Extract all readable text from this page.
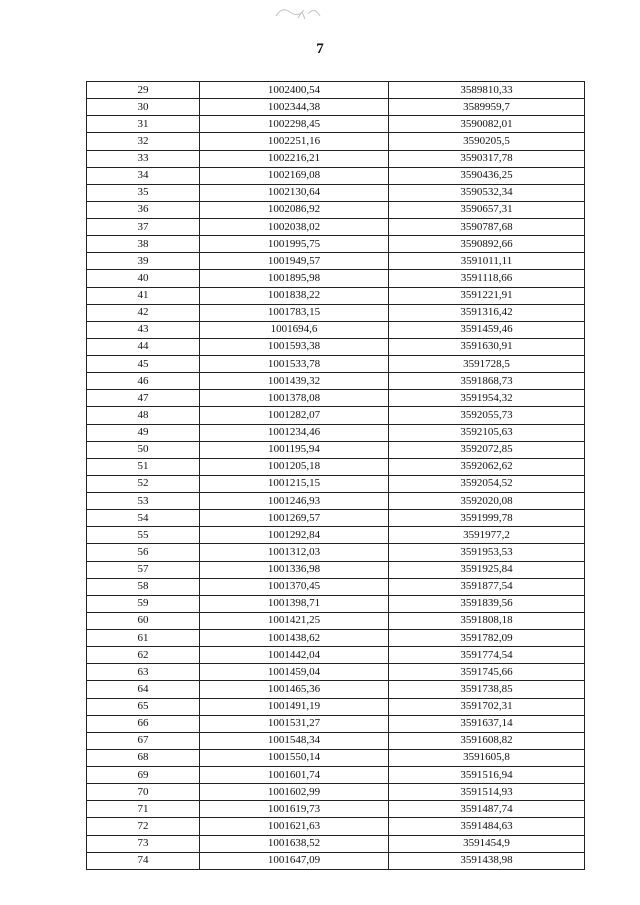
7
29	1002400,54	3589810,33
30	1002344,38	3589959,7
31	1002298,45	3590082,01
32	1002251,16	3590205,5
33	1002216,21	3590317,78
34	1002169,08	3590436,25
35	1002130,64	3590532,34
36	1002086,92	3590657,31
37	1002038,02	3590787,68
38	1001995,75	3590892,66
39	1001949,57	3591011,11
40	1001895,98	3591118,66
41	1001838,22	3591221,91
42	1001783,15	3591316,42
43	1001694,6	3591459,46
44	1001593,38	3591630,91
45	1001533,78	3591728,5
46	1001439,32	3591868,73
47	1001378,08	3591954,32
48	1001282,07	3592055,73
49	1001234,46	3592105,63
50	1001195,94	3592072,85
51	1001205,18	3592062,62
52	1001215,15	3592054,52
53	1001246,93	3592020,08
54	1001269,57	3591999,78
55	1001292,84	3591977,2
56	1001312,03	3591953,53
57	1001336,98	3591925,84
58	1001370,45	3591877,54
59	1001398,71	3591839,56
60	1001421,25	3591808,18
61	1001438,62	3591782,09
62	1001442,04	3591774,54
63	1001459,04	3591745,66
64	1001465,36	3591738,85
65	1001491,19	3591702,31
66	1001531,27	3591637,14
67	1001548,34	3591608,82
68	1001550,14	3591605,8
69	1001601,74	3591516,94
70	1001602,99	3591514,93
71	1001619,73	3591487,74
72	1001621,63	3591484,63
73	1001638,52	3591454,9
74	1001647,09	3591438,98
